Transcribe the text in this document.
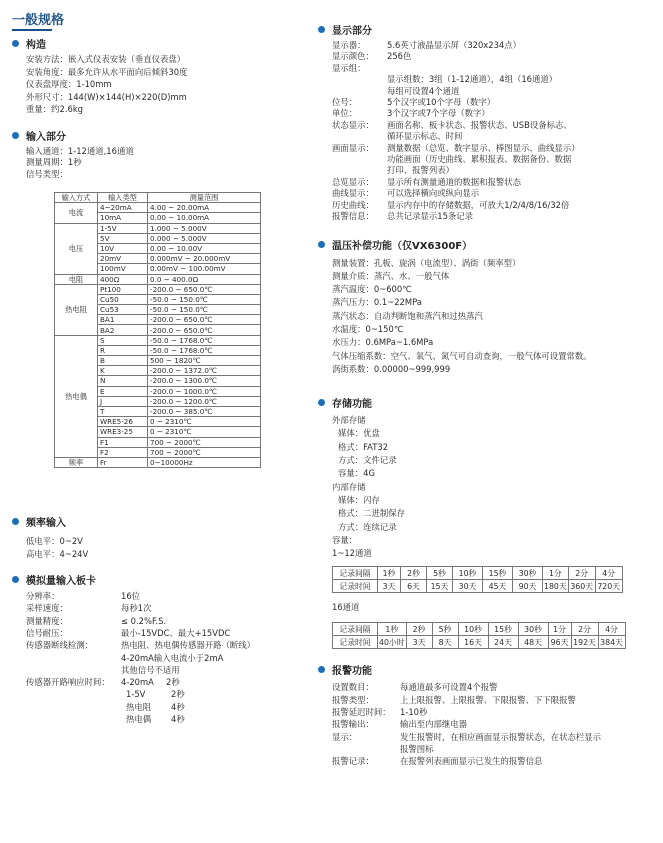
一般规格
构造
安装方法：嵌入式仪表安装（垂直仪表盘）
安装角度：最多允许从水平面向后倾斜30度
仪表盘厚度：1-10mm
外形尺寸：144(W)×144(H)×220(D)mm
重量：约2.6kg
输入部分
输入通道：1-12通道,16通道
测量周期：1秒
信号类型：
输入方式	输入类型	测量范围
电流	4~20mA	4.00 ~ 20.00mA
	10mA	0.00 ~ 10.00mA
电压	1-5V	1.000 ~ 5.000V
	5V	0.000 ~ 5.000V
	10V	0.00 ~ 10.00V
	20mV	0.000mV ~ 20.000mV
	100mV	0.00mV ~ 100.00mV
电阻	400Ω	0.0 ~ 400.0Ω
热电阻	Pt100	-200.0 ~ 650.0℃
	Cu50	-50.0 ~ 150.0℃
	Cu53	-50.0 ~ 150.0℃
	BA1	-200.0 ~ 650.0℃
	BA2	-200.0 ~ 650.0℃
热电偶	S	-50.0 ~ 1768.0℃
	R	-50.0 ~ 1768.0℃
	B	500 ~ 1820℃
	K	-200.0 ~ 1372.0℃
	N	-200.0 ~ 1300.0℃
	E	-200.0 ~ 1000.0℃
	J	-200.0 ~ 1200.0℃
	T	-200.0 ~ 385.0℃
	WRE5-26	0 ~ 2310℃
	WRE3-25	0 ~ 2310℃
	F1	700 ~ 2000℃
	F2	700 ~ 2000℃
频率	Fr	0~10000Hz
频率输入
低电平：0~2V
高电平：4~24V
模拟量输入板卡
分辨率：	16位
采样速度：	每秒1次
测量精度：	≤ 0.2%F.S.
信号耐压：	最小-15VDC、最大+15VDC
传感器断线检测：	热电阻、热电偶传感器开路（断线）
4-20mA输入电流小于2mA
其他信号不适用
传感器开路响应时间：	4-20mA	2秒
1-5V	2秒
热电阻	4秒
热电偶	4秒
显示部分
显示器：	5.6英寸液晶显示屏（320x234点）
显示颜色：	256色
显示组：
显示组数：3组（1-12通道），4组（16通道）
每组可设置4个通道
位号：	5个汉字或10个字母（数字）
单位：	3个汉字或7个字母（数字）
状态显示：	画面名称、板卡状态、报警状态、USB设备标志、
循环显示标志、时间
画面显示：	测量数据（总览、数字显示、棒图显示、曲线显示）
功能画面（历史曲线、累积报表、数据备份、数据
打印、报警列表）
总览显示：	显示所有测量通道的数据和报警状态
曲线显示：	可以选择横向或纵向显示
历史曲线：	显示内存中的存储数据，可放大1/2/4/8/16/32倍
报警信息：	总共记录显示15条记录
温压补偿功能（仅VX6300F）
测量装置：孔板、旋涡（电流型）、涡街（频率型）
测量介质：蒸汽、水、一般气体
蒸汽温度：0~600℃
蒸汽压力：0.1~22MPa
蒸汽状态：自动判断饱和蒸汽和过热蒸汽
水温度：0~150℃
水压力：0.6MPa~1.6MPa
气体压缩系数：空气、氧气、氮气可自动查询，一般气体可设置常数。
涡街系数：0.00000~999,999
存储功能
外部存储
媒体：优盘
格式：FAT32
方式：文件记录
容量：4G
内部存储
媒体：闪存
格式：二进制保存
方式：连续记录
容量：
1~12通道
记录间隔	1秒	2秒	5秒	10秒	15秒	30秒	1分	2分	4分
记录时间	3天	6天	15天	30天	45天	90天	180天	360天	720天
16通道
记录间隔	1秒	2秒	5秒	10秒	15秒	30秒	1分	2分	4分
记录时间	40小时	3天	8天	16天	24天	48天	96天	192天	384天
报警功能
设置数目：	每通道最多可设置4个报警
报警类型：	上上限报警、上限报警、下限报警、下下限报警
报警延迟时间：	1-10秒
报警输出：	输出至内部继电器
显示：	发生报警时，在相应画面显示报警状态，在状态栏显示
报警图标
报警记录：	在报警列表画面显示已发生的报警信息
